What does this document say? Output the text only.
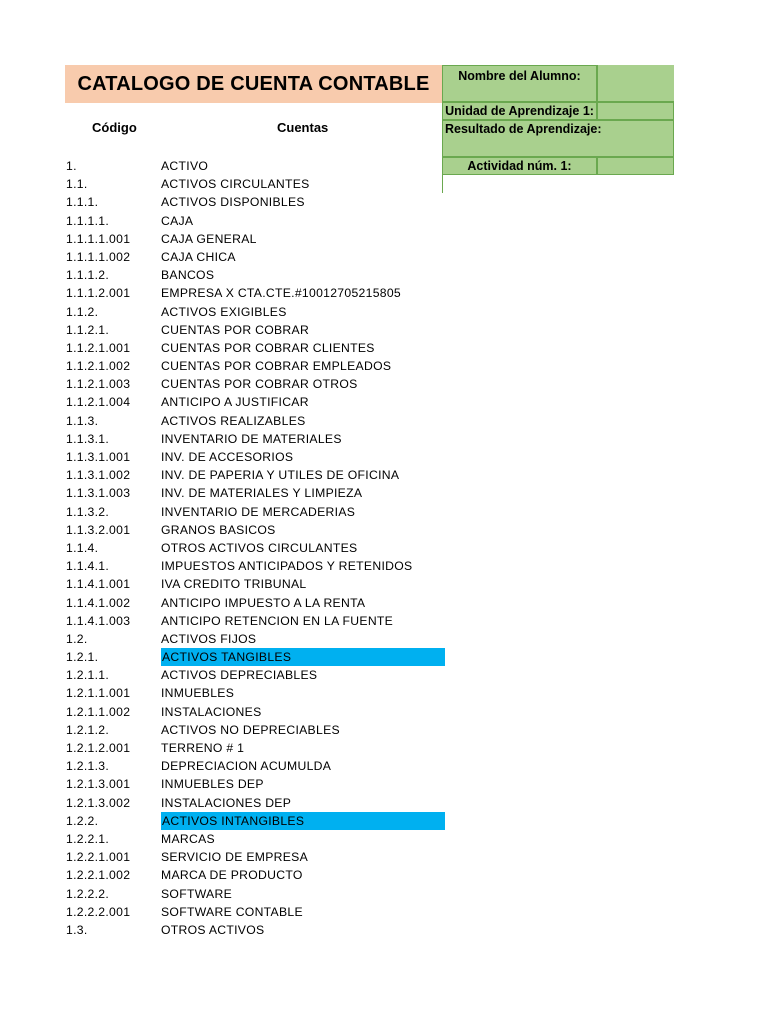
CATALOGO DE CUENTA CONTABLE	Nombre del Alumno:
Unidad de Aprendizaje 1:
Resultado de Aprendizaje:
Actividad núm. 1:
Código	Cuentas
1.	ACTIVO
1.1.	ACTIVOS CIRCULANTES
1.1.1.	ACTIVOS DISPONIBLES
1.1.1.1.	CAJA
1.1.1.1.001	CAJA GENERAL
1.1.1.1.002	CAJA CHICA
1.1.1.2.	BANCOS
1.1.1.2.001	EMPRESA X CTA.CTE.#10012705215805
1.1.2.	ACTIVOS EXIGIBLES
1.1.2.1.	CUENTAS POR COBRAR
1.1.2.1.001	CUENTAS POR COBRAR CLIENTES
1.1.2.1.002	CUENTAS POR COBRAR EMPLEADOS
1.1.2.1.003	CUENTAS POR COBRAR OTROS
1.1.2.1.004	ANTICIPO A JUSTIFICAR
1.1.3.	ACTIVOS REALIZABLES
1.1.3.1.	INVENTARIO DE MATERIALES
1.1.3.1.001	INV. DE ACCESORIOS
1.1.3.1.002	INV. DE PAPERIA Y UTILES DE OFICINA
1.1.3.1.003	INV. DE MATERIALES Y LIMPIEZA
1.1.3.2.	INVENTARIO DE MERCADERIAS
1.1.3.2.001	GRANOS BASICOS
1.1.4.	OTROS ACTIVOS CIRCULANTES
1.1.4.1.	IMPUESTOS ANTICIPADOS Y RETENIDOS
1.1.4.1.001	IVA CREDITO TRIBUNAL
1.1.4.1.002	ANTICIPO IMPUESTO A LA RENTA
1.1.4.1.003	ANTICIPO RETENCION EN LA FUENTE
1.2.	ACTIVOS FIJOS
1.2.1.	ACTIVOS TANGIBLES
1.2.1.1.	ACTIVOS DEPRECIABLES
1.2.1.1.001	INMUEBLES
1.2.1.1.002	INSTALACIONES
1.2.1.2.	ACTIVOS NO DEPRECIABLES
1.2.1.2.001	TERRENO # 1
1.2.1.3.	DEPRECIACION ACUMULDA
1.2.1.3.001	INMUEBLES DEP
1.2.1.3.002	INSTALACIONES DEP
1.2.2.	ACTIVOS INTANGIBLES
1.2.2.1.	MARCAS
1.2.2.1.001	SERVICIO DE EMPRESA
1.2.2.1.002	MARCA DE PRODUCTO
1.2.2.2.	SOFTWARE
1.2.2.2.001	SOFTWARE CONTABLE
1.3.	OTROS ACTIVOS
